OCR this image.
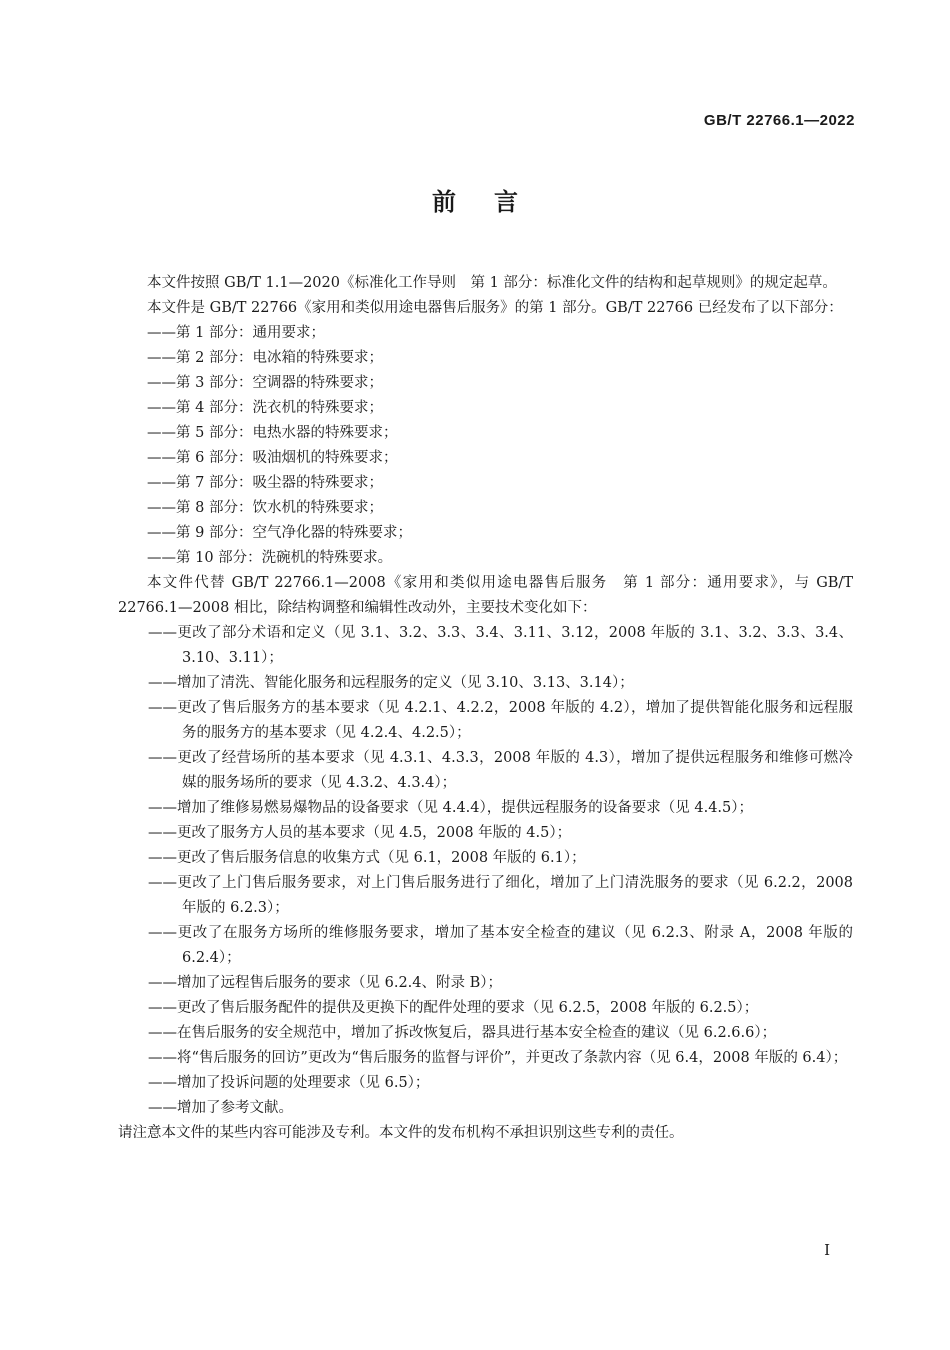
GB/T 22766.1—2022
前言

本文件按照 GB/T 1.1—2020《标准化工作导则　第 1 部分：标准化文件的结构和起草规则》的规定起草。

本文件是 GB/T 22766《家用和类似用途电器售后服务》的第 1 部分。GB/T 22766 已经发布了以下部分：

——第 1 部分：通用要求；
——第 2 部分：电冰箱的特殊要求；
——第 3 部分：空调器的特殊要求；
——第 4 部分：洗衣机的特殊要求；
——第 5 部分：电热水器的特殊要求；
——第 6 部分：吸油烟机的特殊要求；
——第 7 部分：吸尘器的特殊要求；
——第 8 部分：饮水机的特殊要求；
——第 9 部分：空气净化器的特殊要求；
——第 10 部分：洗碗机的特殊要求。

本文件代替 GB/T 22766.1—2008《家用和类似用途电器售后服务　第 1 部分：通用要求》，与 GB/T 22766.1—2008 相比，除结构调整和编辑性改动外，主要技术变化如下：

——更改了部分术语和定义（见 3.1、3.2、3.3、3.4、3.11、3.12，2008 年版的 3.1、3.2、3.3、3.4、3.10、3.11）；
——增加了清洗、智能化服务和远程服务的定义（见 3.10、3.13、3.14）；
——更改了售后服务方的基本要求（见 4.2.1、4.2.2，2008 年版的 4.2），增加了提供智能化服务和远程服务的服务方的基本要求（见 4.2.4、4.2.5）；
——更改了经营场所的基本要求（见 4.3.1、4.3.3，2008 年版的 4.3），增加了提供远程服务和维修可燃冷媒的服务场所的要求（见 4.3.2、4.3.4）；
——增加了维修易燃易爆物品的设备要求（见 4.4.4），提供远程服务的设备要求（见 4.4.5）；
——更改了服务方人员的基本要求（见 4.5，2008 年版的 4.5）；
——更改了售后服务信息的收集方式（见 6.1，2008 年版的 6.1）；
——更改了上门售后服务要求，对上门售后服务进行了细化，增加了上门清洗服务的要求（见 6.2.2，2008 年版的 6.2.3）；
——更改了在服务方场所的维修服务要求，增加了基本安全检查的建议（见 6.2.3、附录 A，2008 年版的 6.2.4）；
——增加了远程售后服务的要求（见 6.2.4、附录 B）；
——更改了售后服务配件的提供及更换下的配件处理的要求（见 6.2.5，2008 年版的 6.2.5）；
——在售后服务的安全规范中，增加了拆改恢复后，器具进行基本安全检查的建议（见 6.2.6.6）；
——将“售后服务的回访”更改为“售后服务的监督与评价”，并更改了条款内容（见 6.4，2008 年版的 6.4）；
——增加了投诉问题的处理要求（见 6.5）；
——增加了参考文献。

请注意本文件的某些内容可能涉及专利。本文件的发布机构不承担识别这些专利的责任。

Ⅰ
